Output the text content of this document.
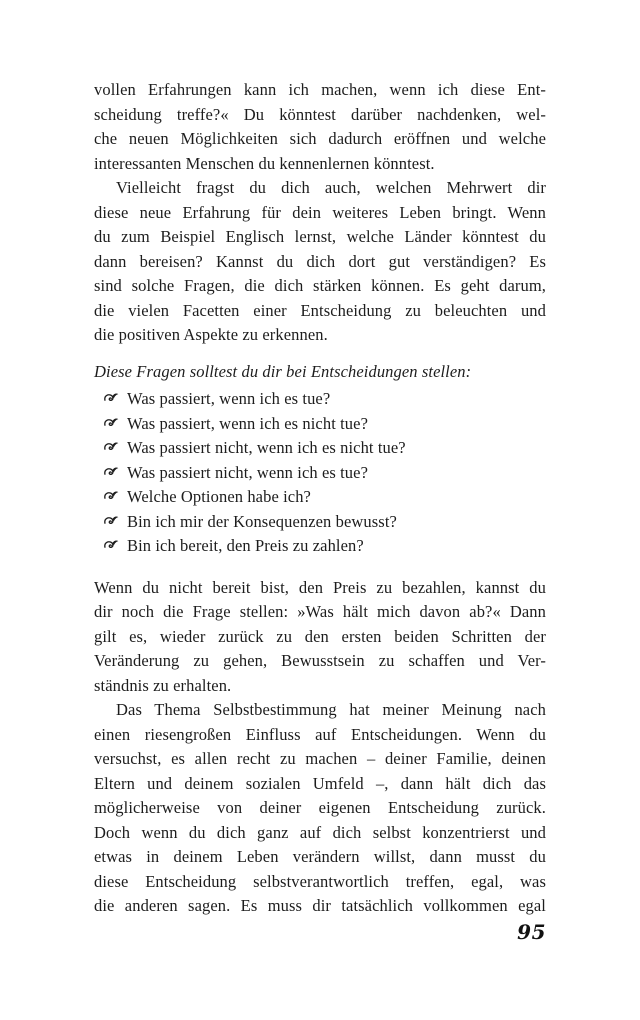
vollen Erfahrungen kann ich machen, wenn ich diese Ent-
scheidung treffe?« Du könntest darüber nachdenken, wel-
che neuen Möglichkeiten sich dadurch eröffnen und welche
interessanten Menschen du kennenlernen könntest.
Vielleicht fragst du dich auch, welchen Mehrwert dir
diese neue Erfahrung für dein weiteres Leben bringt. Wenn
du zum Beispiel Englisch lernst, welche Länder könntest du
dann bereisen? Kannst du dich dort gut verständigen? Es
sind solche Fragen, die dich stärken können. Es geht darum,
die vielen Facetten einer Entscheidung zu beleuchten und
die positiven Aspekte zu erkennen.
Diese Fragen solltest du dir bei Entscheidungen stellen:
Was passiert, wenn ich es tue?
Was passiert, wenn ich es nicht tue?
Was passiert nicht, wenn ich es nicht tue?
Was passiert nicht, wenn ich es tue?
Welche Optionen habe ich?
Bin ich mir der Konsequenzen bewusst?
Bin ich bereit, den Preis zu zahlen?
Wenn du nicht bereit bist, den Preis zu bezahlen, kannst du
dir noch die Frage stellen: »Was hält mich davon ab?« Dann
gilt es, wieder zurück zu den ersten beiden Schritten der
Veränderung zu gehen, Bewusstsein zu schaffen und Ver-
ständnis zu erhalten.
Das Thema Selbstbestimmung hat meiner Meinung nach
einen riesengroßen Einfluss auf Entscheidungen. Wenn du
versuchst, es allen recht zu machen – deiner Familie, deinen
Eltern und deinem sozialen Umfeld –, dann hält dich das
möglicherweise von deiner eigenen Entscheidung zurück.
Doch wenn du dich ganz auf dich selbst konzentrierst und
etwas in deinem Leben verändern willst, dann musst du
diese Entscheidung selbstverantwortlich treffen, egal, was
die anderen sagen. Es muss dir tatsächlich vollkommen egal
95
